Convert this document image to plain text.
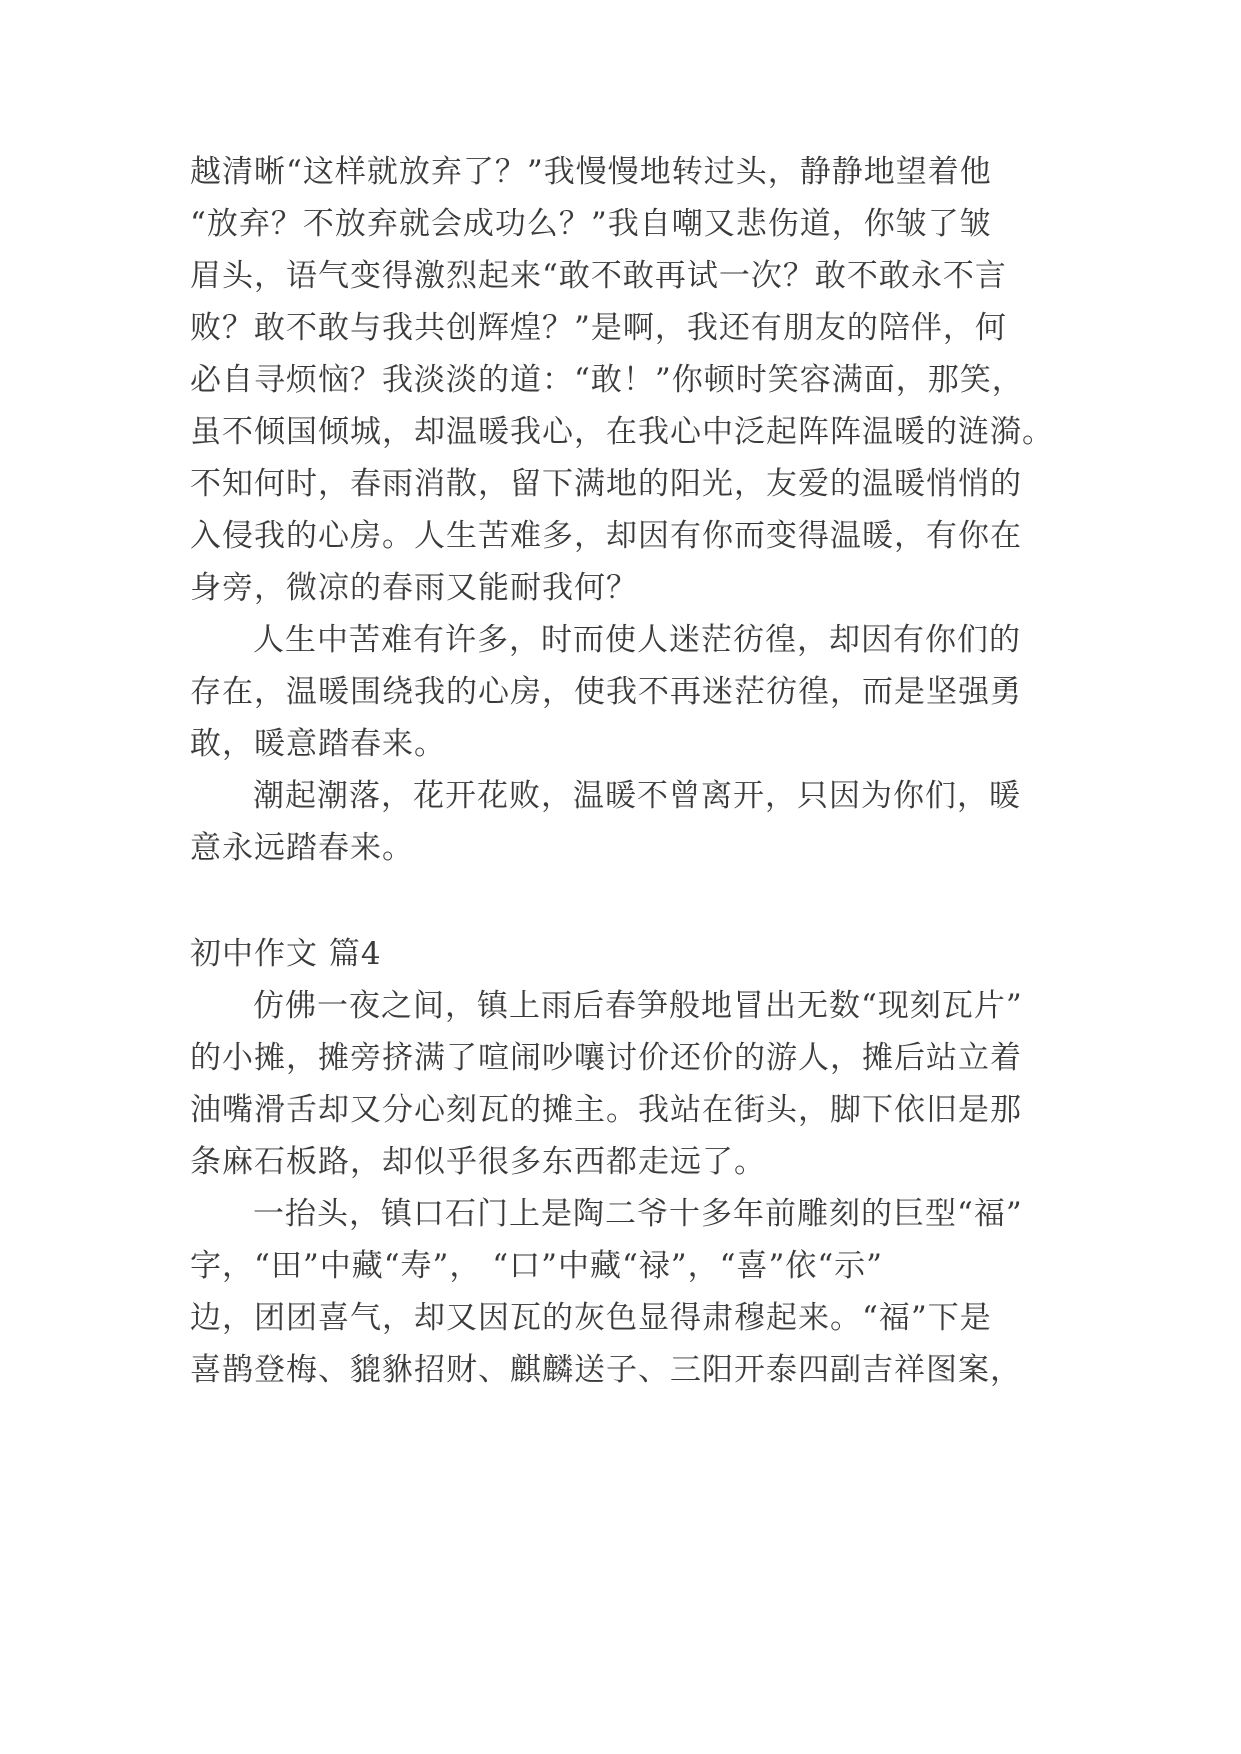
越清晰“这样就放弃了？”我慢慢地转过头，静静地望着他
“放弃？不放弃就会成功么？”我自嘲又悲伤道，你皱了皱
眉头，语气变得激烈起来“敢不敢再试一次？敢不敢永不言
败？敢不敢与我共创辉煌？”是啊，我还有朋友的陪伴，何
必自寻烦恼？我淡淡的道：“敢！”你顿时笑容满面，那笑，
虽不倾国倾城，却温暖我心，在我心中泛起阵阵温暖的涟漪。
不知何时，春雨消散，留下满地的阳光，友爱的温暖悄悄的
入侵我的心房。人生苦难多，却因有你而变得温暖，有你在
身旁，微凉的春雨又能耐我何？
人生中苦难有许多，时而使人迷茫彷徨，却因有你们的
存在，温暖围绕我的心房，使我不再迷茫彷徨，而是坚强勇
敢，暖意踏春来。
潮起潮落，花开花败，温暖不曾离开，只因为你们，暖
意永远踏春来。
初中作文 篇4
仿佛一夜之间，镇上雨后春笋般地冒出无数“现刻瓦片”
的小摊，摊旁挤满了喧闹吵嚷讨价还价的游人，摊后站立着
油嘴滑舌却又分心刻瓦的摊主。我站在街头，脚下依旧是那
条麻石板路，却似乎很多东西都走远了。
一抬头，镇口石门上是陶二爷十多年前雕刻的巨型“福”
字，“田”中藏“寿”， “口”中藏“禄”，“喜”依“示”
边，团团喜气，却又因瓦的灰色显得肃穆起来。“福”下是
喜鹊登梅、貔貅招财、麒麟送子、三阳开泰四副吉祥图案，
